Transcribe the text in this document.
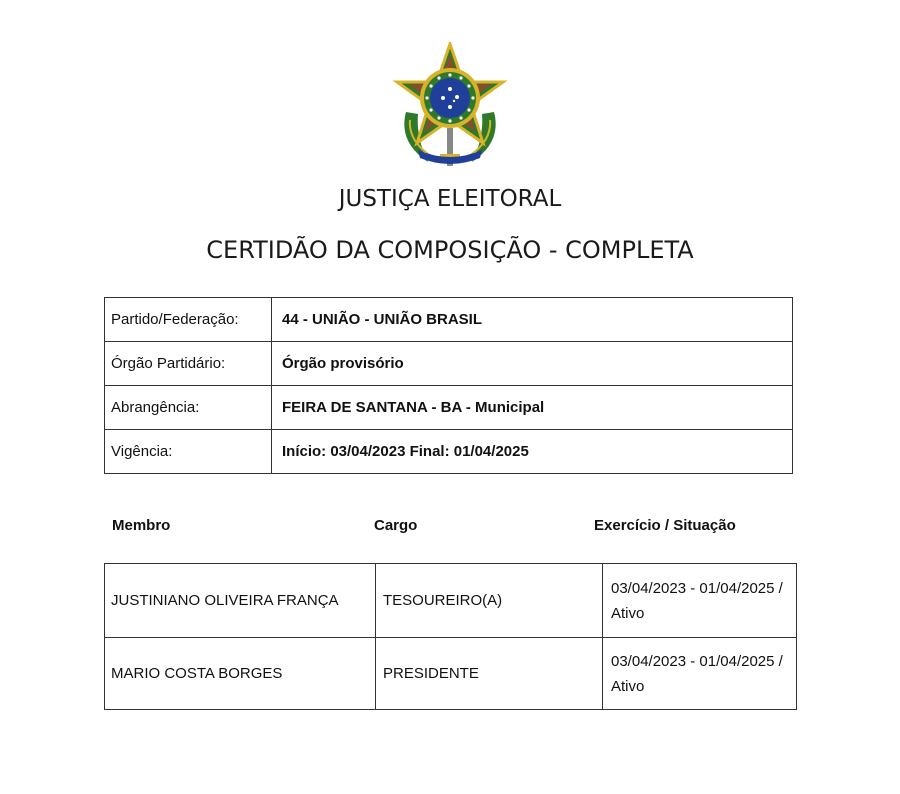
JUSTIÇA ELEITORAL
CERTIDÃO DA COMPOSIÇÃO - COMPLETA
Partido/Federação:	44 - UNIÃO - UNIÃO BRASIL
Órgão Partidário:	Órgão provisório
Abrangência:	FEIRA DE SANTANA - BA - Municipal
Vigência:	Início: 03/04/2023 Final: 01/04/2025
Membro	Cargo	Exercício / Situação
JUSTINIANO OLIVEIRA FRANÇA	TESOUREIRO(A)	03/04/2023 - 01/04/2025 / Ativo
MARIO COSTA BORGES	PRESIDENTE	03/04/2023 - 01/04/2025 / Ativo
